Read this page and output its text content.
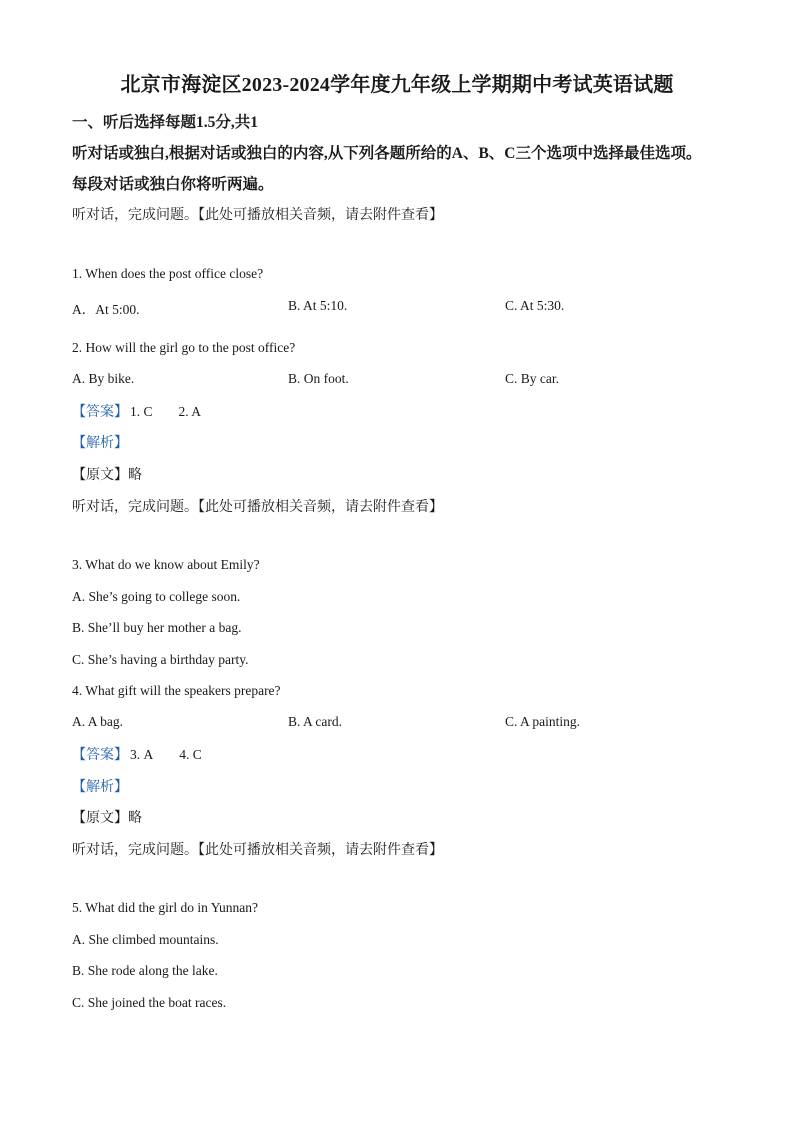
北京市海淀区2023-2024学年度九年级上学期期中考试英语试题
一、听后选择每题1.5分,共1
听对话或独白,根据对话或独白的内容,从下列各题所给的A、B、C三个选项中选择最佳选项。
每段对话或独白你将听两遍。
听对话，完成问题。【此处可播放相关音频，请去附件查看】
1. When does the post office close?
A．At 5:00.	B. At 5:10.	C. At 5:30.
2. How will the girl go to the post office?
A. By bike.	B. On foot.	C. By car.
【答案】 1. C 2. A
【解析】
【原文】略
听对话，完成问题。【此处可播放相关音频，请去附件查看】
3. What do we know about Emily?
A. She’s going to college soon.
B. She’ll buy her mother a bag.
C. She’s having a birthday party.
4. What gift will the speakers prepare?
A. A bag.	B. A card.	C. A painting.
【答案】 3. A 4. C
【解析】
【原文】略
听对话，完成问题。【此处可播放相关音频，请去附件查看】
5. What did the girl do in Yunnan?
A. She climbed mountains.
B. She rode along the lake.
C. She joined the boat races.
